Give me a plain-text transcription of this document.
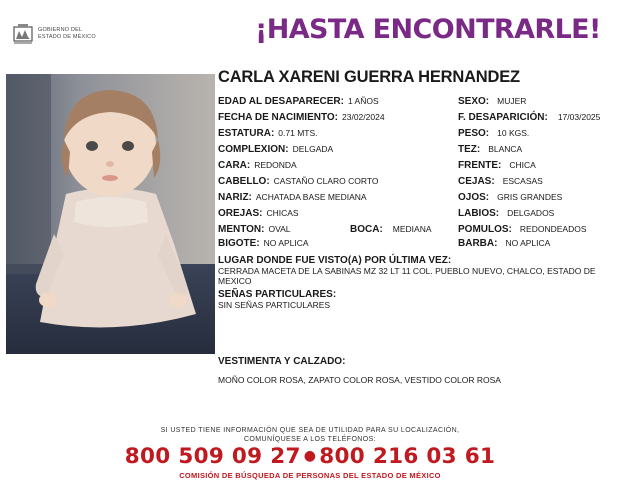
GOBIERNO DEL
ESTADO DE MÉXICO	¡HASTA ENCONTRARLE!
CARLA XARENI GUERRA HERNANDEZ
EDAD AL DESAPARECER: 1 AÑOS
FECHA DE NACIMIENTO: 23/02/2024
ESTATURA: 0.71 MTS.
COMPLEXION: DELGADA
CARA: REDONDA
CABELLO: CASTAÑO CLARO CORTO
NARIZ: ACHATADA BASE MEDIANA
OREJAS: CHICAS
MENTON: OVAL	BOCA: MEDIANA
BIGOTE: NO APLICA
SEXO: MUJER
F. DESAPARICIÓN: 17/03/2025
PESO: 10 KGS.
TEZ: BLANCA
FRENTE: CHICA
CEJAS: ESCASAS
OJOS: GRIS GRANDES
LABIOS: DELGADOS
POMULOS: REDONDEADOS
BARBA: NO APLICA
LUGAR DONDE FUE VISTO(A) POR ÚLTIMA VEZ:
CERRADA MACETA DE LA SABINAS MZ 32 LT 11 COL. PUEBLO NUEVO, CHALCO, ESTADO DE
MEXICO
SEÑAS PARTICULARES:
SIN SEÑAS PARTICULARES
VESTIMENTA Y CALZADO:
MOÑO COLOR ROSA, ZAPATO COLOR ROSA, VESTIDO COLOR ROSA
SI USTED TIENE INFORMACIÓN QUE SEA DE UTILIDAD PARA SU LOCALIZACIÓN,
COMUNÍQUESE A LOS TELÉFONOS:
800 509 09 27 ● 800 216 03 61
COMISIÓN DE BÚSQUEDA DE PERSONAS DEL ESTADO DE MÉXICO
